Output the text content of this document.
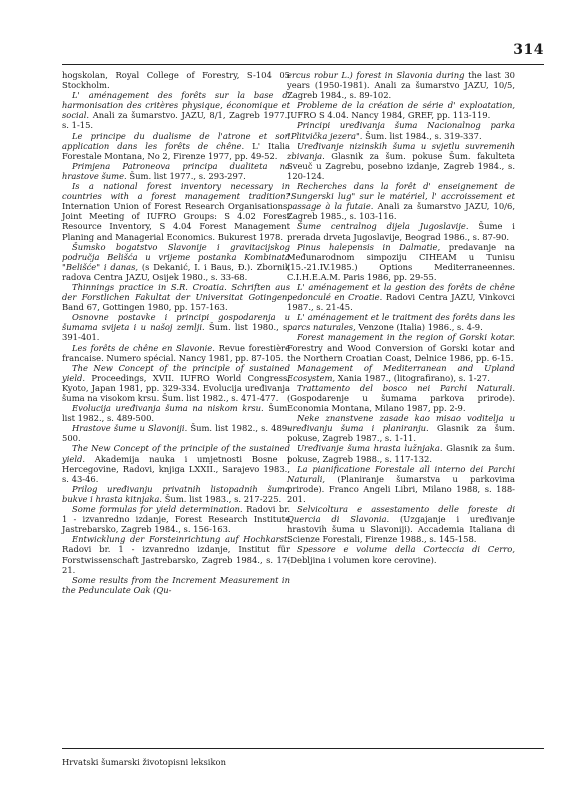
314

hogskolan, Royal College of Forestry, S-104 05 Stockholm.

L' aménagement des forêts sur la base d' harmonisation des critères physique, économique et social. Anali za šumarstvo. JAZU, 8/1, Zagreb 1977., s. 1-15.

Le principe du dualisme de l'atrone et son application dans les forêts de chêne. L' Italia Forestale Montana, No 2, Firenze 1977, pp. 49-52.

Primjena Patroneova principa dualiteta na hrastove šume. Šum. list 1977., s. 293-297.

Is a national forest inventory necessary in countries with a forest management tradition? Internation Union of Forest Research Organisations, Joint Meeting of IUFRO Groups: S 4.02 Forest Resource Inventory, S 4.04 Forest Management Planing and Managerial Economics. Bukurest 1978.

Šumsko bogatstvo Slavonije i gravitacijskog područja Belišća u vrijeme postanka Kombinata "Belišće" i danas, (s Dekanić, I. i Baus, Đ.). Zbornik radova Centra JAZU, Osijek 1980., s. 33-68.

Thinnings practice in S.R. Croatia. Schriften aus der Forstlichen Fakultat der Universitat Gotingen, Band 67, Gottingen 1980, pp. 157-163.

Osnovne postavke i principi gospodarenja u šumama svijeta i u našoj zemlji. Šum. list 1980., s. 391-401.

Les forêts de chêne en Slavonie. Revue forestière francaise. Numero spécial. Nancy 1981, pp. 87-105.

The New Concept of the principle of sustained yield. Proceedings, XVII. IUFRO World Congress, Kyoto, Japan 1981, pp. 329-334. Evolucija uređivanja šuma na visokom krsu. Šum. list 1982., s. 471-477.

Evolucija uređivanja šuma na niskom krsu. Šum. list 1982., s. 489-500.

Hrastove šume u Slavoniji. Šum. list 1982., s. 489-500.

The New Concept of the principle of the sustained yield. Akademija nauka i umjetnosti Bosne i Hercegovine, Radovi, knjiga LXXII., Sarajevo 1983., s. 43-46.

Prilog uređivanju privatnih listopadnih šuma bukve i hrasta kitnjaka. Šum. list 1983., s. 217-225.

Some formulas for yield determination. Radovi br. 1 - izvanredno izdanje, Forest Research Institute Jastrebarsko, Zagreb 1984., s. 156-163.

Entwicklung der Forsteinrichtung auf Hochkarst. Radovi br. 1 - izvanredno izdanje, Institut für Forstwissenschaft Jastrebarsko, Zagreb 1984., s. 17-21.

Some results from the Increment Measurement in the Pedunculate Oak (Qu-

ercus robur L.) forest in Slavonia during the last 30 years (1950-1981). Anali za šumarstvo JAZU, 10/5, Zagreb 1984., s. 89-102.

Probleme de la création de série d' exploatation, IUFRO S 4.04. Nancy 1984, GREF, pp. 113-119.

Principi uređivanja šuma Nacionalnog parka "Plitvička jezera". Šum. list 1984., s. 319-337.

Uređivanje nizinskih šuma u svjetlu suvremenih zbivanja. Glasnik za šum. pokuse Šum. fakulteta Sveuč u Zagrebu, posebno izdanje, Zagreb 1984., s. 120-124.

Recherches dans la forêt d' enseignement de "Sungerski lug" sur le matériel, l' accroissement et passage à la futaie. Anali za šumarstvo JAZU, 10/6, Zagreb 1985., s. 103-116.

Šume centralnog dijela Jugoslavije. Šume i prerada drveta Jugoslavije, Beograd 1986., s. 87-90.

Pinus halepensis in Dalmatie, predavanje na Međunarodnom simpoziju CIHEAM u Tunisu (15.-21.IV.1985.) Options Mediterraneennes. C.I.H.E.A.M. Paris 1986, pp. 29-55.

L' aménagement et la gestion des forêts de chêne pedonculé en Croatie. Radovi Centra JAZU, Vinkovci 1987., s. 21-45.

L' aménagement et le traitment des forêts dans les parcs naturales, Venzone (Italia) 1986., s. 4-9.

Forest management in the region of Gorski kotar. Forestry and Wood Conversion of Gorski kotar and the Northern Croatian Coast, Delnice 1986, pp. 6-15.

Management of Mediterranean and Upland Ecosystem, Xania 1987., (litografirano), s. 1-27.

Trattamento del bosco nei Parchi Naturali. (Gospodarenje u šumama parkova prirode). Economia Montana, Milano 1987, pp. 2-9.

Neke znanstvene zasade kao misao voditelja u uređivanju šuma i planiranju. Glasnik za šum. pokuse, Zagreb 1987., s. 1-11.

Uređivanje šuma hrasta lužnjaka. Glasnik za šum. pokuse, Zagreb 1988., s. 117-132.

La pianificatione Forestale all interno dei Parchi Naturali, (Planiranje šumarstva u parkovima prirode). Franco Angeli Libri, Milano 1988, s. 188-201.

Selvicoltura e assestamento delle foreste di Quercia di Slavonia. (Uzgajanje i uređivanje hrastovih šuma u Slavoniji). Accademia Italiana di Scienze Forestali, Firenze 1988., s. 145-158.

Spessore e volume della Corteccia di Cerro, (Debljina i volumen kore cerovine).

Hrvatski šumarski životopisni leksikon
